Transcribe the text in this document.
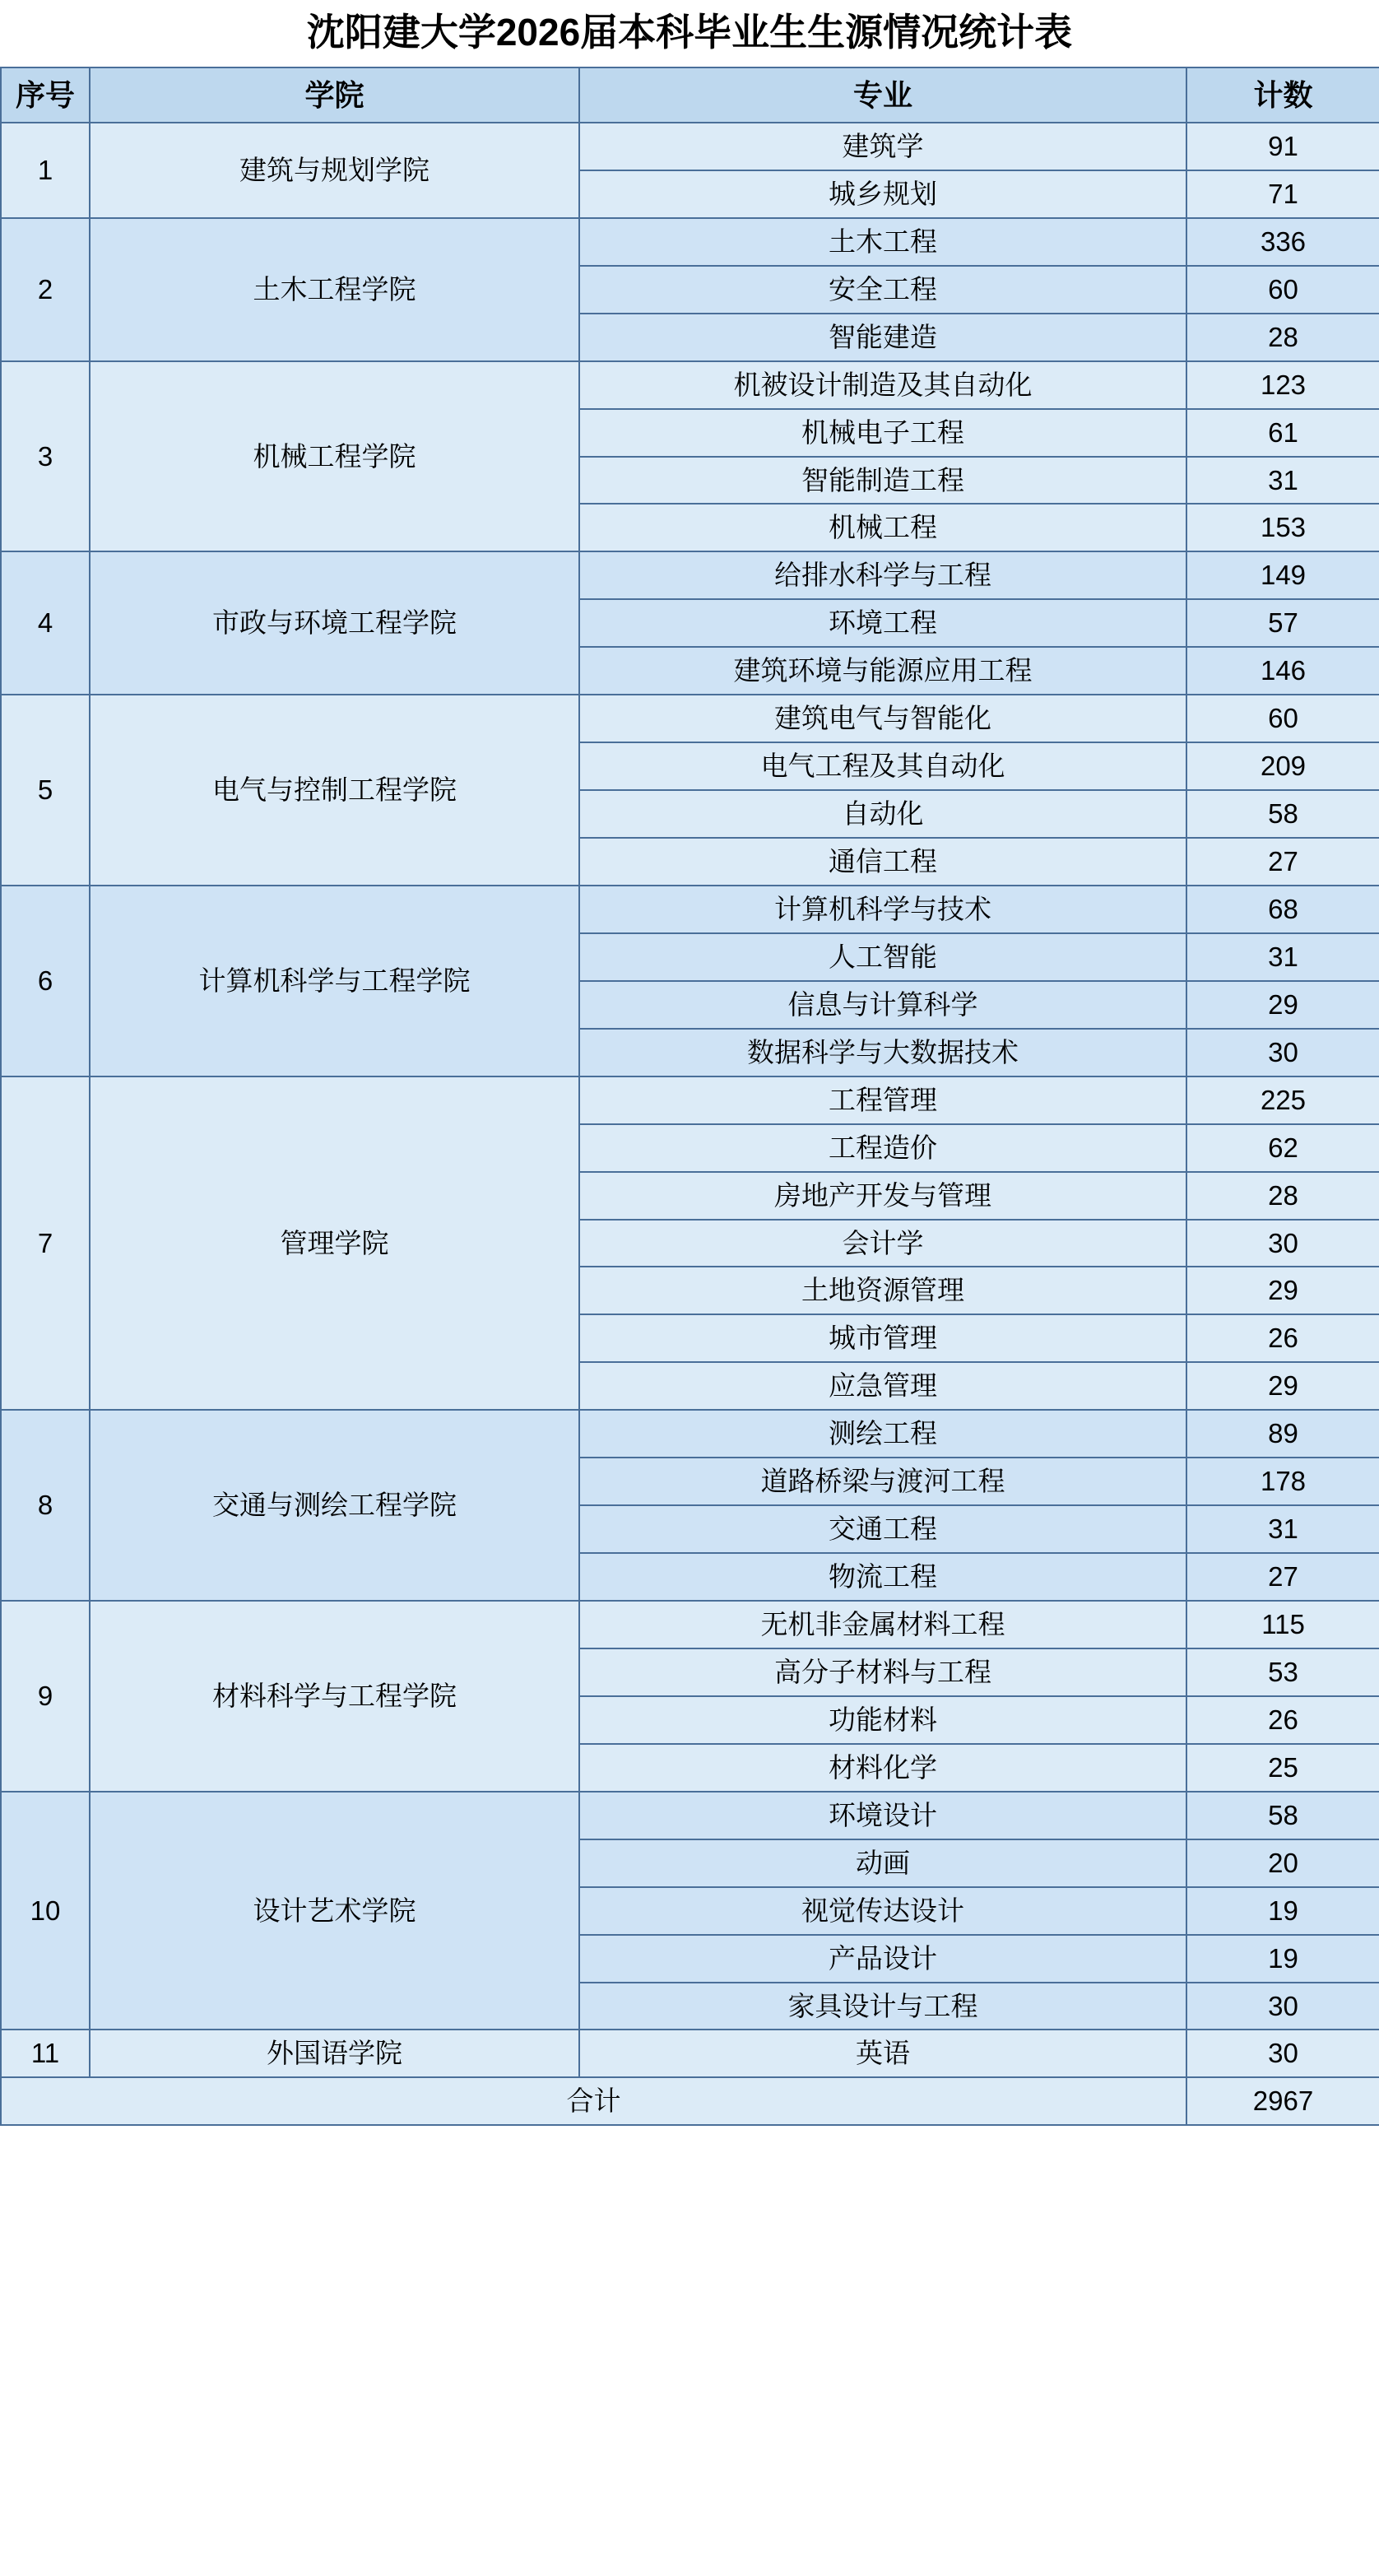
沈阳建大学2026届本科毕业生生源情况统计表
序号	学院	专业	计数
1	建筑与规划学院	建筑学	91
		城乡规划	71
2	土木工程学院	土木工程	336
		安全工程	60
		智能建造	28
3	机械工程学院	机被设计制造及其自动化	123
		机械电子工程	61
		智能制造工程	31
		机械工程	153
4	市政与环境工程学院	给排水科学与工程	149
		环境工程	57
		建筑环境与能源应用工程	146
5	电气与控制工程学院	建筑电气与智能化	60
		电气工程及其自动化	209
		自动化	58
		通信工程	27
6	计算机科学与工程学院	计算机科学与技术	68
		人工智能	31
		信息与计算科学	29
		数据科学与大数据技术	30
7	管理学院	工程管理	225
		工程造价	62
		房地产开发与管理	28
		会计学	30
		土地资源管理	29
		城市管理	26
		应急管理	29
8	交通与测绘工程学院	测绘工程	89
		道路桥梁与渡河工程	178
		交通工程	31
		物流工程	27
9	材料科学与工程学院	无机非金属材料工程	115
		高分子材料与工程	53
		功能材料	26
		材料化学	25
10	设计艺术学院	环境设计	58
		动画	20
		视觉传达设计	19
		产品设计	19
		家具设计与工程	30
11	外国语学院	英语	30
合计			2967
